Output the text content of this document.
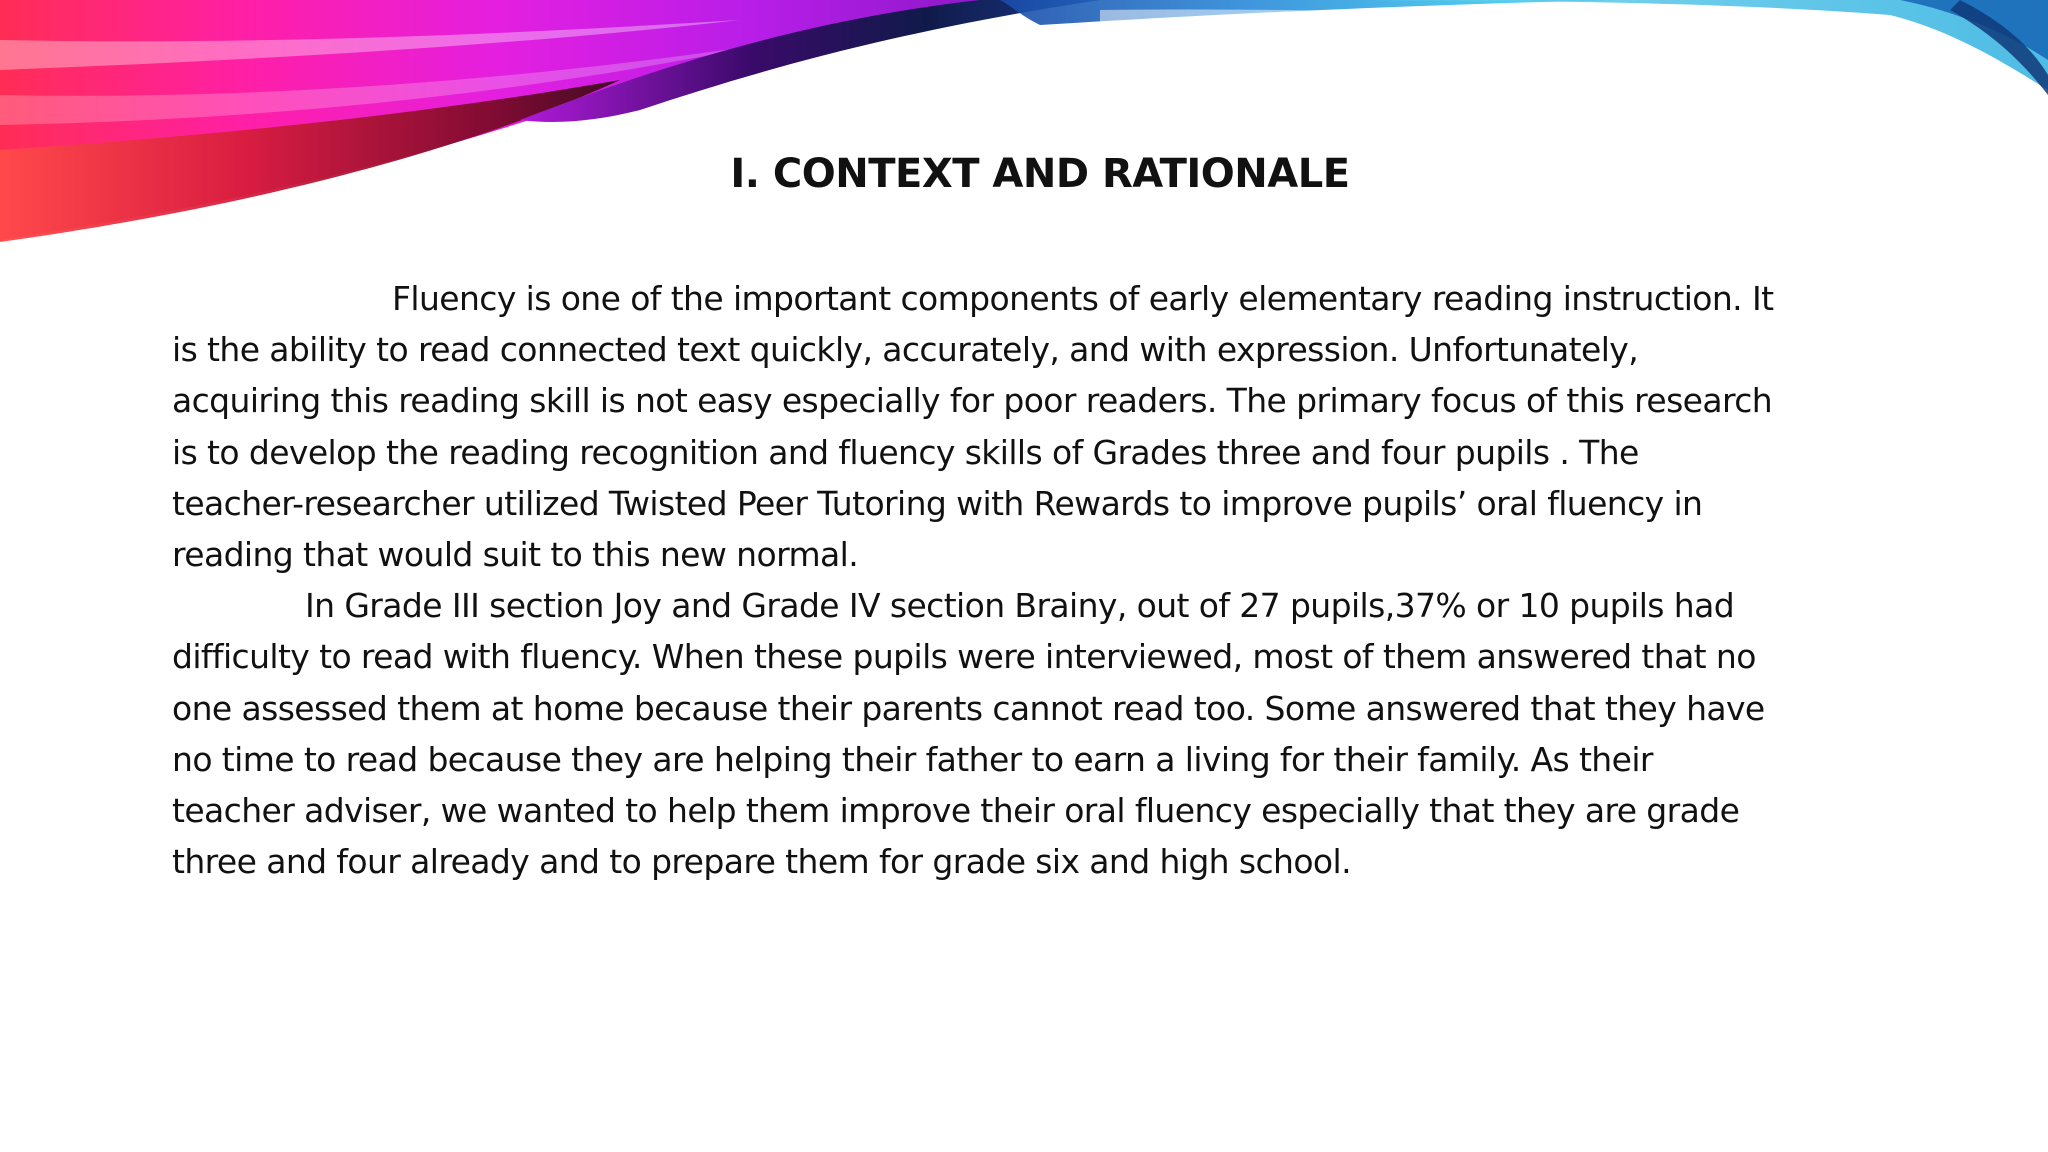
I. CONTEXT AND RATIONALE

Fluency is one of the important components of early elementary reading instruction. It
is the ability to read connected text quickly, accurately, and with expression. Unfortunately,
acquiring this reading skill is not easy especially for poor readers. The primary focus of this research
is to develop the reading recognition and fluency skills of Grades three and four pupils . The
teacher-researcher utilized Twisted Peer Tutoring with Rewards to improve pupils’ oral fluency in
reading that would suit to this new normal.

In Grade III section Joy and Grade IV section Brainy, out of 27 pupils,37% or 10 pupils had
difficulty to read with fluency. When these pupils were interviewed, most of them answered that no
one assessed them at home because their parents cannot read too. Some answered that they have
no time to read because they are helping their father to earn a living for their family. As their
teacher adviser, we wanted to help them improve their oral fluency especially that they are grade
three and four already and to prepare them for grade six and high school.
